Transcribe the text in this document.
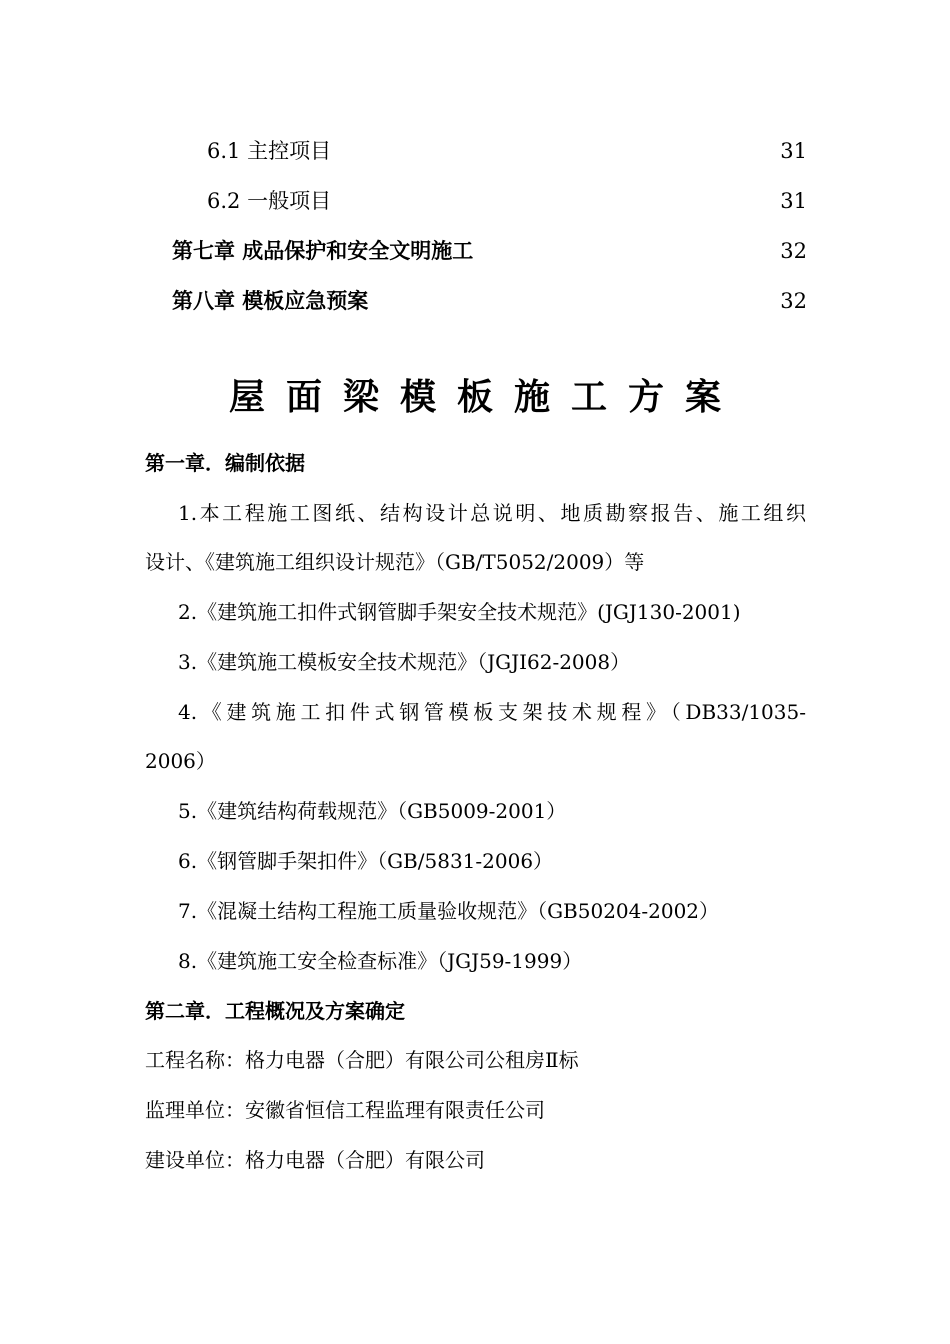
6.1 主控项目	31
6.2 一般项目	31
第七章 成品保护和安全文明施工	32
第八章 模板应急预案	32
屋面梁模板施工方案
第一章．编制依据
1.本工程施工图纸、结构设计总说明、地质勘察报告、施工组织
设计、《建筑施工组织设计规范》（GB/T5052/2009）等
2.《建筑施工扣件式钢管脚手架安全技术规范》(JGJ130-2001)
3.《建筑施工模板安全技术规范》（JGJI62-2008）
4.《建筑施工扣件式钢管模板支架技术规程》（DB33/1035-
2006）
5.《建筑结构荷载规范》（GB5009-2001）
6.《钢管脚手架扣件》（GB/5831-2006）
7.《混凝土结构工程施工质量验收规范》（GB50204-2002）
8.《建筑施工安全检查标准》（JGJ59-1999）
第二章．工程概况及方案确定
工程名称：格力电器（合肥）有限公司公租房Ⅱ标
监理单位：安徽省恒信工程监理有限责任公司
建设单位：格力电器（合肥）有限公司
